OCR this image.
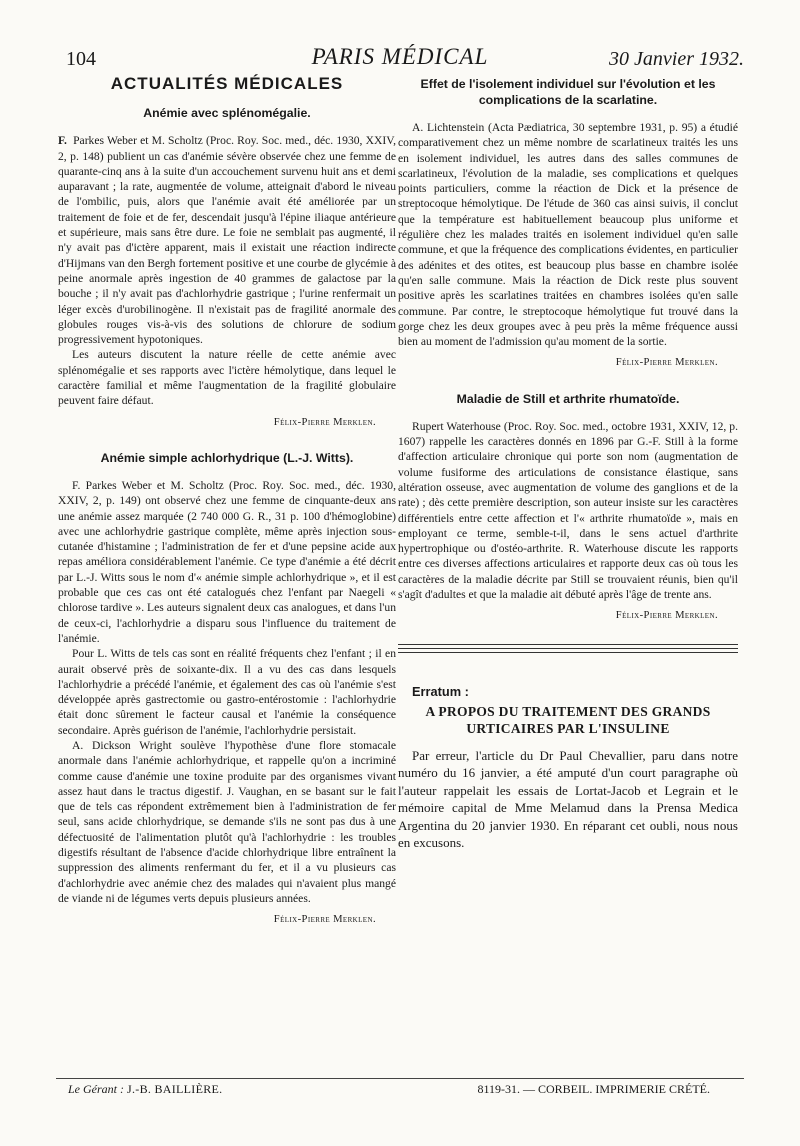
104	PARIS MÉDICAL	30 Janvier 1932.
ACTUALITÉS MÉDICALES
Anémie avec splénomégalie.

F. Parkes Weber et M. Scholtz (Proc. Roy. Soc. med., déc. 1930, XXIV, 2, p. 148) publient un cas d'anémie sévère observée chez une femme de quarante-cinq ans à la suite d'un accouchement survenu huit ans et demi auparavant ; la rate, augmentée de volume, atteignait d'abord le niveau de l'ombilic, puis, alors que l'anémie avait été améliorée par un traitement de foie et de fer, descendait jusqu'à l'épine iliaque antérieure et supérieure, mais sans être dure. Le foie ne semblait pas augmenté, il n'y avait pas d'ictère apparent, mais il existait une réaction indirecte d'Hijmans van den Bergh fortement positive et une courbe de glycémie à peine anormale après ingestion de 40 grammes de galactose par la bouche ; il n'y avait pas d'achlorhydrie gastrique ; l'urine renfermait un léger excès d'urobilinogène. Il n'existait pas de fragilité anormale des globules rouges vis-à-vis des solutions de chlorure de sodium progressivement hypotoniques.

Les auteurs discutent la nature réelle de cette anémie avec splénomégalie et ses rapports avec l'ictère hémolytique, dans lequel le caractère familial et même l'augmentation de la fragilité globulaire peuvent faire défaut.

Félix-Pierre Merklen.
Anémie simple achlorhydrique (L.-J. Witts).

F. Parkes Weber et M. Scholtz (Proc. Roy. Soc. med., déc. 1930, XXIV, 2, p. 149) ont observé chez une femme de cinquante-deux ans une anémie assez marquée (2 740 000 G. R., 31 p. 100 d'hémoglobine) avec une achlorhydrie gastrique complète, même après injection sous-cutanée d'histamine ; l'administration de fer et d'une pepsine acide aux repas améliora considérablement l'anémie. Ce type d'anémie a été décrit par L.-J. Witts sous le nom d'« anémie simple achlorhydrique », et il est probable que ces cas ont été catalogués chez l'enfant par Naegeli « chlorose tardive ». Les auteurs signalent deux cas analogues, et dans l'un de ceux-ci, l'achlorhydrie a disparu sous l'influence du traitement de l'anémie.

Pour L. Witts de tels cas sont en réalité fréquents chez l'enfant ; il en aurait observé près de soixante-dix. Il a vu des cas dans lesquels l'achlorhydrie a précédé l'anémie, et également des cas où l'anémie s'est développée après gastrectomie ou gastro-entérostomie : l'achlorhydrie était donc sûrement le facteur causal et l'anémie la conséquence secondaire. Après guérison de l'anémie, l'achlorhydrie persistait.

A. Dickson Wright soulève l'hypothèse d'une flore stomacale anormale dans l'anémie achlorhydrique, et rappelle qu'on a incriminé comme cause d'anémie une toxine produite par des organismes vivant assez haut dans le tractus digestif. J. Vaughan, en se basant sur le fait que de tels cas répondent extrêmement bien à l'administration de fer seul, sans acide chlorhydrique, se demande s'ils ne sont pas dus à une défectuosité de l'alimentation plutôt qu'à l'achlorhydrie : les troubles digestifs résultant de l'absence d'acide chlorhydrique libre entraînent la suppression des aliments renfermant du fer, et il a vu plusieurs cas d'achlorhydrie avec anémie chez des malades qui n'avaient plus mangé de viande ni de légumes verts depuis plusieurs années.

Félix-Pierre Merklen.
Effet de l'isolement individuel sur l'évolution et les complications de la scarlatine.

A. Lichtenstein (Acta Pædiatrica, 30 septembre 1931, p. 95) a étudié comparativement chez un même nombre de scarlatineux traités les uns en isolement individuel, les autres dans des salles communes de scarlatineux, l'évolution de la maladie, ses complications et quelques points particuliers, comme la réaction de Dick et la présence de streptocoque hémolytique. De l'étude de 360 cas ainsi suivis, il conclut que la température est habituellement beaucoup plus uniforme et régulière chez les malades traités en isolement individuel qu'en salle commune, et que la fréquence des complications évidentes, en particulier des adénites et des otites, est beaucoup plus basse en chambre isolée qu'en salle commune. Mais la réaction de Dick reste plus souvent positive après les scarlatines traitées en chambres isolées qu'en salle commune. Par contre, le streptocoque hémolytique fut trouvé dans la gorge chez les deux groupes avec à peu près la même fréquence aussi bien au moment de l'admission qu'au moment de la sortie.

Félix-Pierre Merklen.
Maladie de Still et arthrite rhumatoïde.

Rupert Waterhouse (Proc. Roy. Soc. med., octobre 1931, XXIV, 12, p. 1607) rappelle les caractères donnés en 1896 par G.-F. Still à la forme d'affection articulaire chronique qui porte son nom (augmentation de volume fusiforme des articulations de consistance élastique, sans altération osseuse, avec augmentation de volume des ganglions et de la rate) ; dès cette première description, son auteur insiste sur les caractères différentiels entre cette affection et l'« arthrite rhumatoïde », mais en employant ce terme, semble-t-il, dans le sens actuel d'arthrite hypertrophique ou d'ostéo-arthrite. R. Waterhouse discute les rapports entre ces diverses affections articulaires et rapporte deux cas où tous les caractères de la maladie décrite par Still se trouvaient réunis, bien qu'il s'agît d'adultes et que la maladie ait débuté après l'âge de trente ans.

Félix-Pierre Merklen.
Erratum :
A PROPOS DU TRAITEMENT DES GRANDS URTICAIRES PAR L'INSULINE

Par erreur, l'article du Dr Paul Chevallier, paru dans notre numéro du 16 janvier, a été amputé d'un court paragraphe où l'auteur rappelait les essais de Lortat-Jacob et Legrain et le mémoire capital de Mme Melamud dans la Prensa Medica Argentina du 20 janvier 1930. En réparant cet oubli, nous nous en excusons.

Le Gérant : J.-B. BAILLIÈRE.	8119-31. — CORBEIL. IMPRIMERIE CRÉTÉ.
